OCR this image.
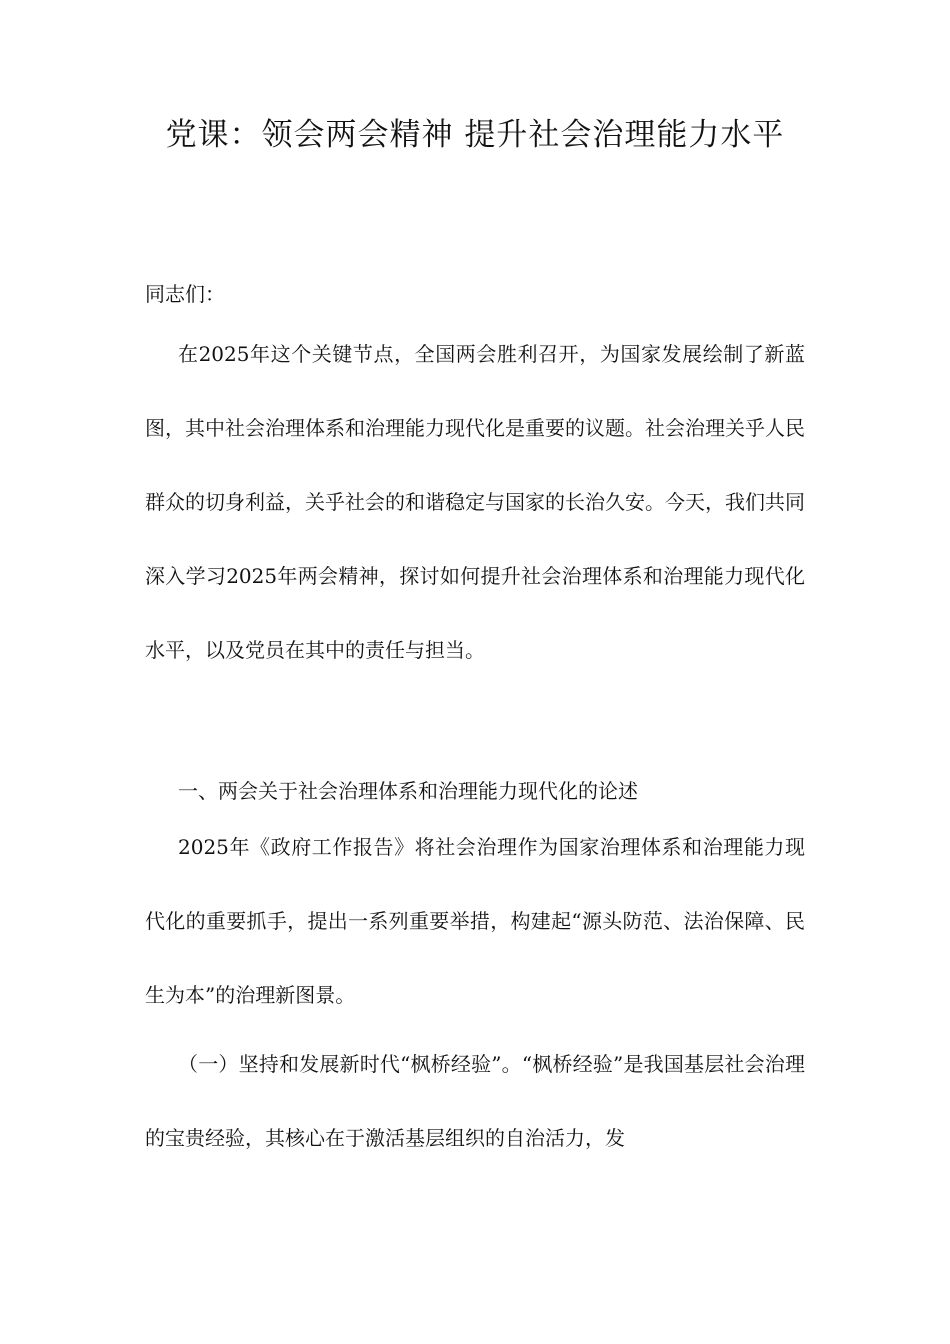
党课：领会两会精神 提升社会治理能力水平

同志们：

在2025年这个关键节点，全国两会胜利召开，为国家发展绘制了新蓝图，其中社会治理体系和治理能力现代化是重要的议题。社会治理关乎人民群众的切身利益，关乎社会的和谐稳定与国家的长治久安。今天，我们共同深入学习2025年两会精神，探讨如何提升社会治理体系和治理能力现代化水平，以及党员在其中的责任与担当。

一、两会关于社会治理体系和治理能力现代化的论述

2025年《政府工作报告》将社会治理作为国家治理体系和治理能力现代化的重要抓手，提出一系列重要举措，构建起“源头防范、法治保障、民生为本”的治理新图景。

（一）坚持和发展新时代“枫桥经验”。“枫桥经验”是我国基层社会治理的宝贵经验，其核心在于激活基层组织的自治活力，发
